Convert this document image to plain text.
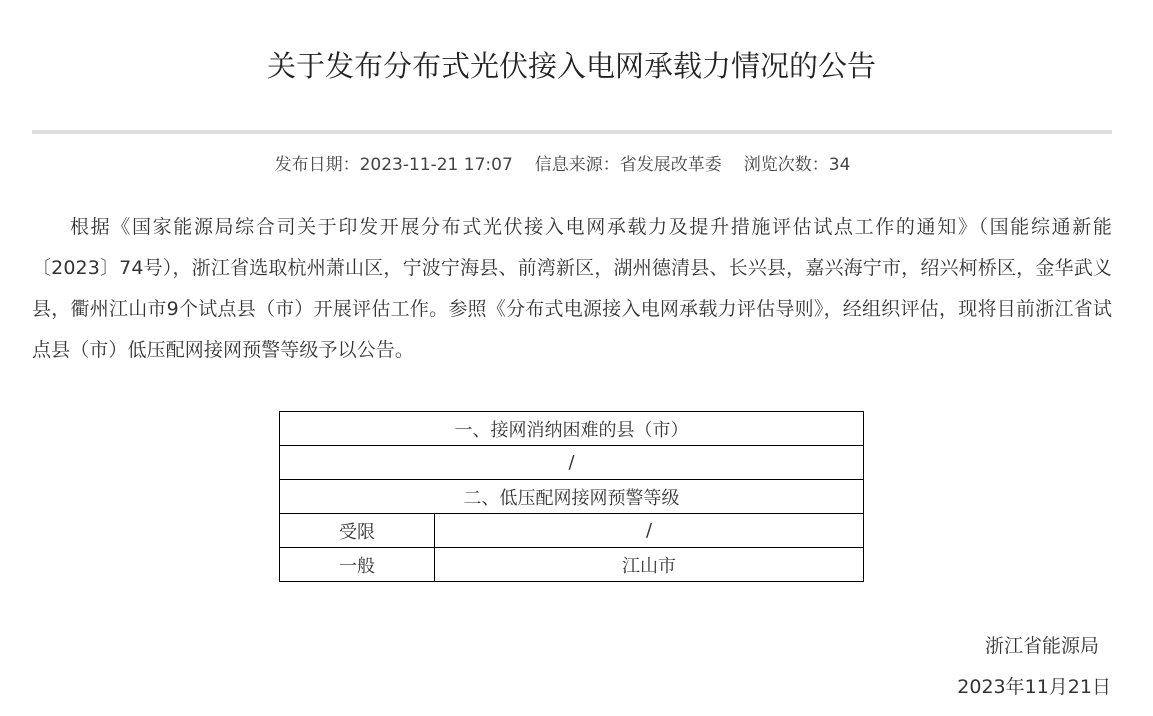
关于发布分布式光伏接入电网承载力情况的公告
发布日期：2023-11-21 17:07 信息来源：省发展改革委 浏览次数：34

根据《国家能源局综合司关于印发开展分布式光伏接入电网承载力及提升措施评估试点工作的通知》（国能综通新能〔2023〕74号），浙江省选取杭州萧山区，宁波宁海县、前湾新区，湖州德清县、长兴县，嘉兴海宁市，绍兴柯桥区，金华武义县，衢州江山市9个试点县（市）开展评估工作。参照《分布式电源接入电网承载力评估导则》，经组织评估，现将目前浙江省试点县（市）低压配网接网预警等级予以公告。

一、接网消纳困难的县（市）	
/	
二、低压配网接网预警等级	
受限	/
一般	江山市
浙江省能源局
2023年11月21日
